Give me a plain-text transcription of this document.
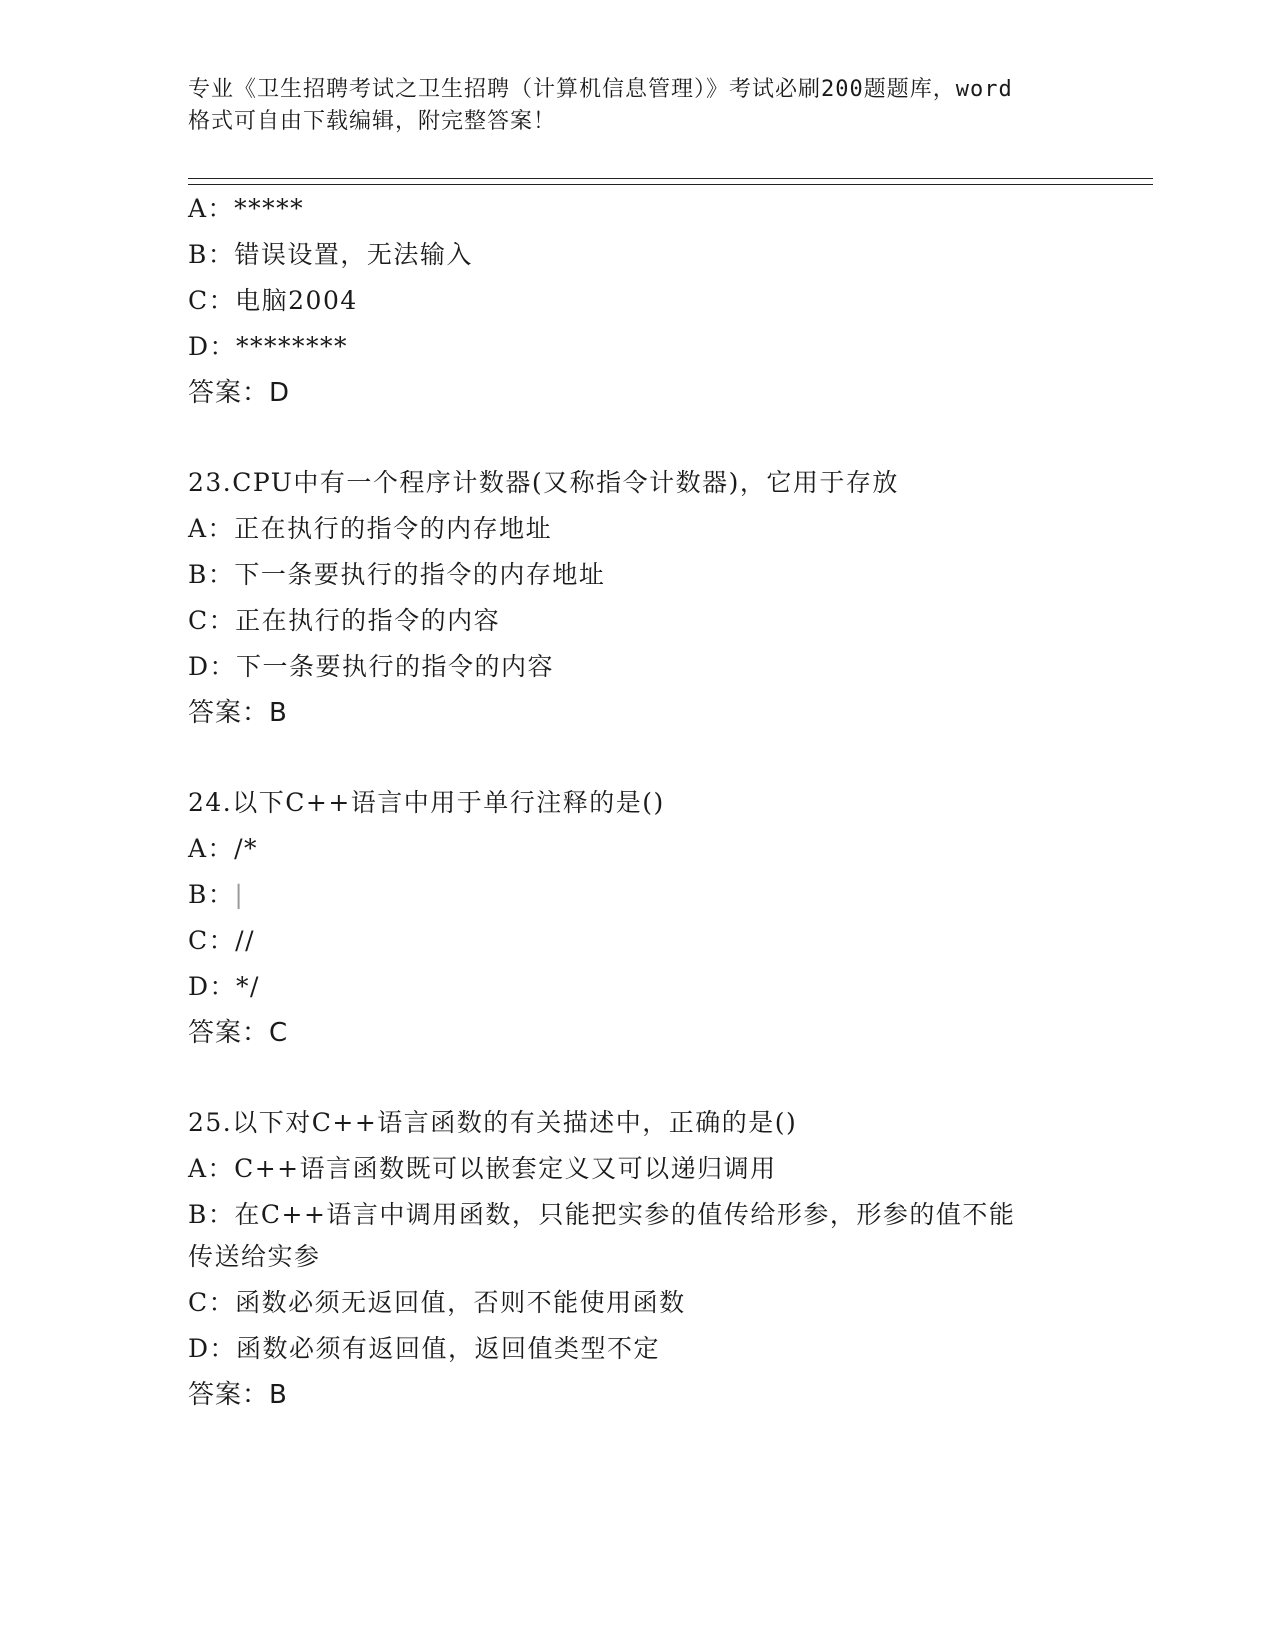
专业《卫生招聘考试之卫生招聘（计算机信息管理）》考试必刷200题题库，word
格式可自由下载编辑，附完整答案！
A：*****
B：错误设置，无法输入
C：电脑2004
D：********
答案：D
23.CPU中有一个程序计数器(又称指令计数器)，它用于存放
A：正在执行的指令的内存地址
B：下一条要执行的指令的内存地址
C：正在执行的指令的内容
D：下一条要执行的指令的内容
答案：B
24.以下C++语言中用于单行注释的是()
A：/*
B：|
C：//
D：*/
答案：C
25.以下对C++语言函数的有关描述中，正确的是()
A：C++语言函数既可以嵌套定义又可以递归调用
B：在C++语言中调用函数，只能把实参的值传给形参，形参的值不能
传送给实参
C：函数必须无返回值，否则不能使用函数
D：函数必须有返回值，返回值类型不定
答案：B
